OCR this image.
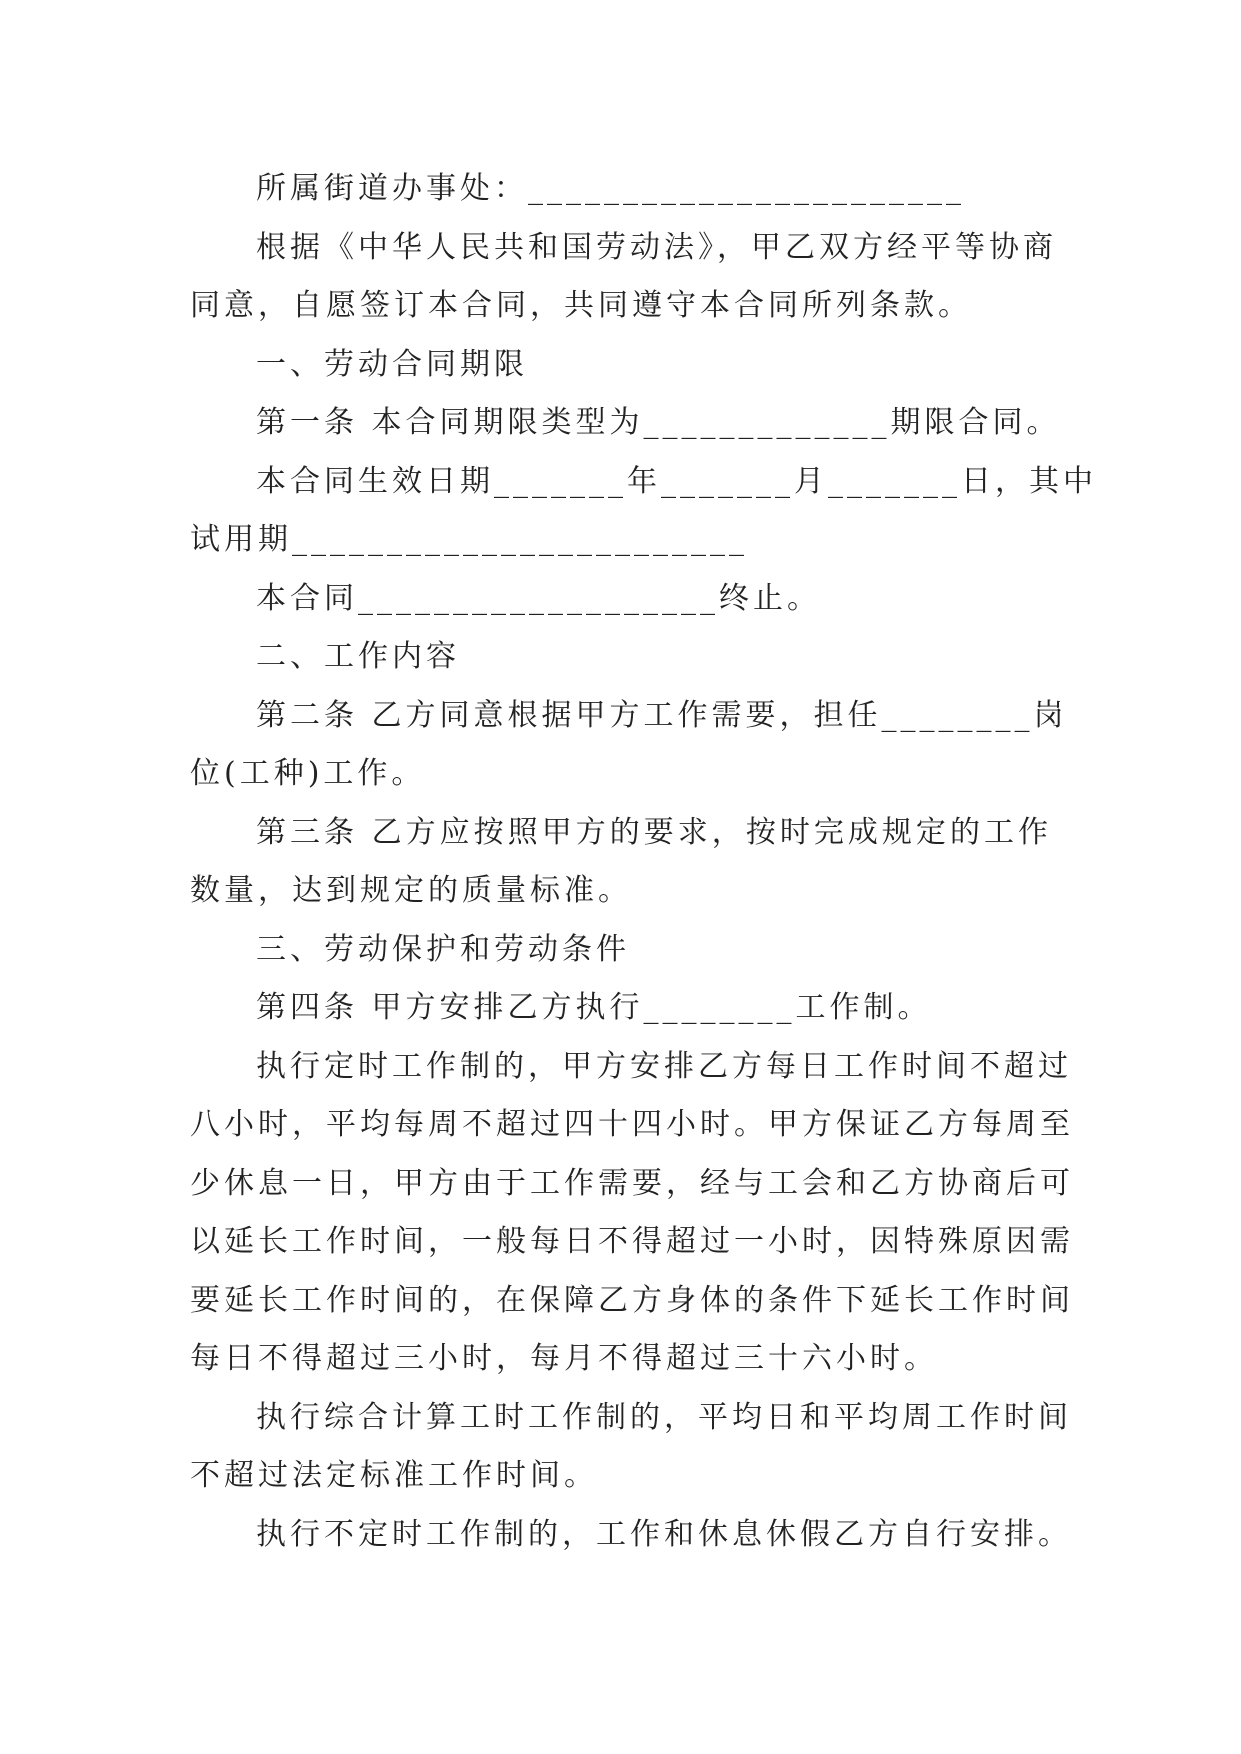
所属街道办事处：_______________________
根据《中华人民共和国劳动法》，甲乙双方经平等协商
同意，自愿签订本合同，共同遵守本合同所列条款。
一、劳动合同期限
第一条 本合同期限类型为_____________期限合同。
本合同生效日期_______年_______月_______日，其中
试用期________________________
本合同___________________终止。
二、工作内容
第二条 乙方同意根据甲方工作需要，担任________岗
位(工种)工作。
第三条 乙方应按照甲方的要求，按时完成规定的工作
数量，达到规定的质量标准。
三、劳动保护和劳动条件
第四条 甲方安排乙方执行________工作制。
执行定时工作制的，甲方安排乙方每日工作时间不超过
八小时，平均每周不超过四十四小时。甲方保证乙方每周至
少休息一日，甲方由于工作需要，经与工会和乙方协商后可
以延长工作时间，一般每日不得超过一小时，因特殊原因需
要延长工作时间的，在保障乙方身体的条件下延长工作时间
每日不得超过三小时，每月不得超过三十六小时。
执行综合计算工时工作制的，平均日和平均周工作时间
不超过法定标准工作时间。
执行不定时工作制的，工作和休息休假乙方自行安排。
